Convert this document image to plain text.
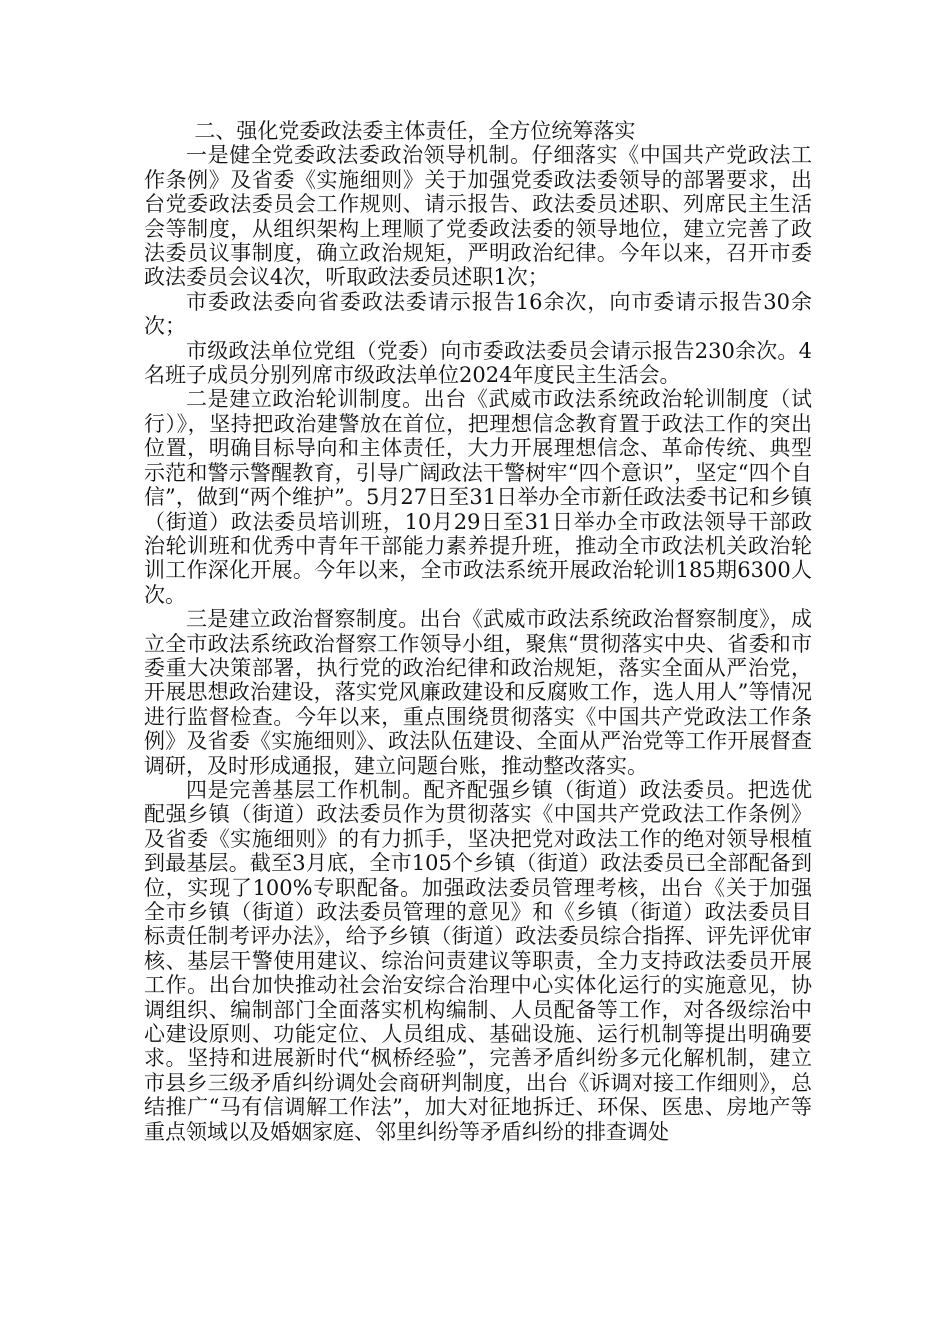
二、强化党委政法委主体责任，全方位统筹落实

一是健全党委政法委政治领导机制。仔细落实《中国共产党政法工作条例》及省委《实施细则》关于加强党委政法委领导的部署要求，出台党委政法委员会工作规则、请示报告、政法委员述职、列席民主生活会等制度，从组织架构上理顺了党委政法委的领导地位，建立完善了政法委员议事制度，确立政治规矩，严明政治纪律。今年以来，召开市委政法委员会议4次，听取政法委员述职1次；

市委政法委向省委政法委请示报告16余次，向市委请示报告30余次；

市级政法单位党组（党委）向市委政法委员会请示报告230余次。4名班子成员分别列席市级政法单位2024年度民主生活会。

二是建立政治轮训制度。出台《武威市政法系统政治轮训制度（试行）》，坚持把政治建警放在首位，把理想信念教育置于政法工作的突出位置，明确目标导向和主体责任，大力开展理想信念、革命传统、典型示范和警示警醒教育，引导广阔政法干警树牢“四个意识”，坚定“四个自信”，做到“两个维护”。5月27日至31日举办全市新任政法委书记和乡镇（街道）政法委员培训班，10月29日至31日举办全市政法领导干部政治轮训班和优秀中青年干部能力素养提升班，推动全市政法机关政治轮训工作深化开展。今年以来，全市政法系统开展政治轮训185期6300人次。

三是建立政治督察制度。出台《武威市政法系统政治督察制度》，成立全市政法系统政治督察工作领导小组，聚焦“贯彻落实中央、省委和市委重大决策部署，执行党的政治纪律和政治规矩，落实全面从严治党，开展思想政治建设，落实党风廉政建设和反腐败工作，选人用人”等情况进行监督检查。今年以来，重点围绕贯彻落实《中国共产党政法工作条例》及省委《实施细则》、政法队伍建设、全面从严治党等工作开展督查调研，及时形成通报，建立问题台账，推动整改落实。

四是完善基层工作机制。配齐配强乡镇（街道）政法委员。把选优配强乡镇（街道）政法委员作为贯彻落实《中国共产党政法工作条例》及省委《实施细则》的有力抓手，坚决把党对政法工作的绝对领导根植到最基层。截至3月底，全市105个乡镇（街道）政法委员已全部配备到位，实现了100%专职配备。加强政法委员管理考核，出台《关于加强全市乡镇（街道）政法委员管理的意见》和《乡镇（街道）政法委员目标责任制考评办法》，给予乡镇（街道）政法委员综合指挥、评先评优审核、基层干警使用建议、综治问责建议等职责，全力支持政法委员开展工作。出台加快推动社会治安综合治理中心实体化运行的实施意见，协调组织、编制部门全面落实机构编制、人员配备等工作，对各级综治中心建设原则、功能定位、人员组成、基础设施、运行机制等提出明确要求。坚持和进展新时代“枫桥经验”，完善矛盾纠纷多元化解机制，建立市县乡三级矛盾纠纷调处会商研判制度，出台《诉调对接工作细则》，总结推广“马有信调解工作法”，加大对征地拆迁、环保、医患、房地产等重点领域以及婚姻家庭、邻里纠纷等矛盾纠纷的排查调处
